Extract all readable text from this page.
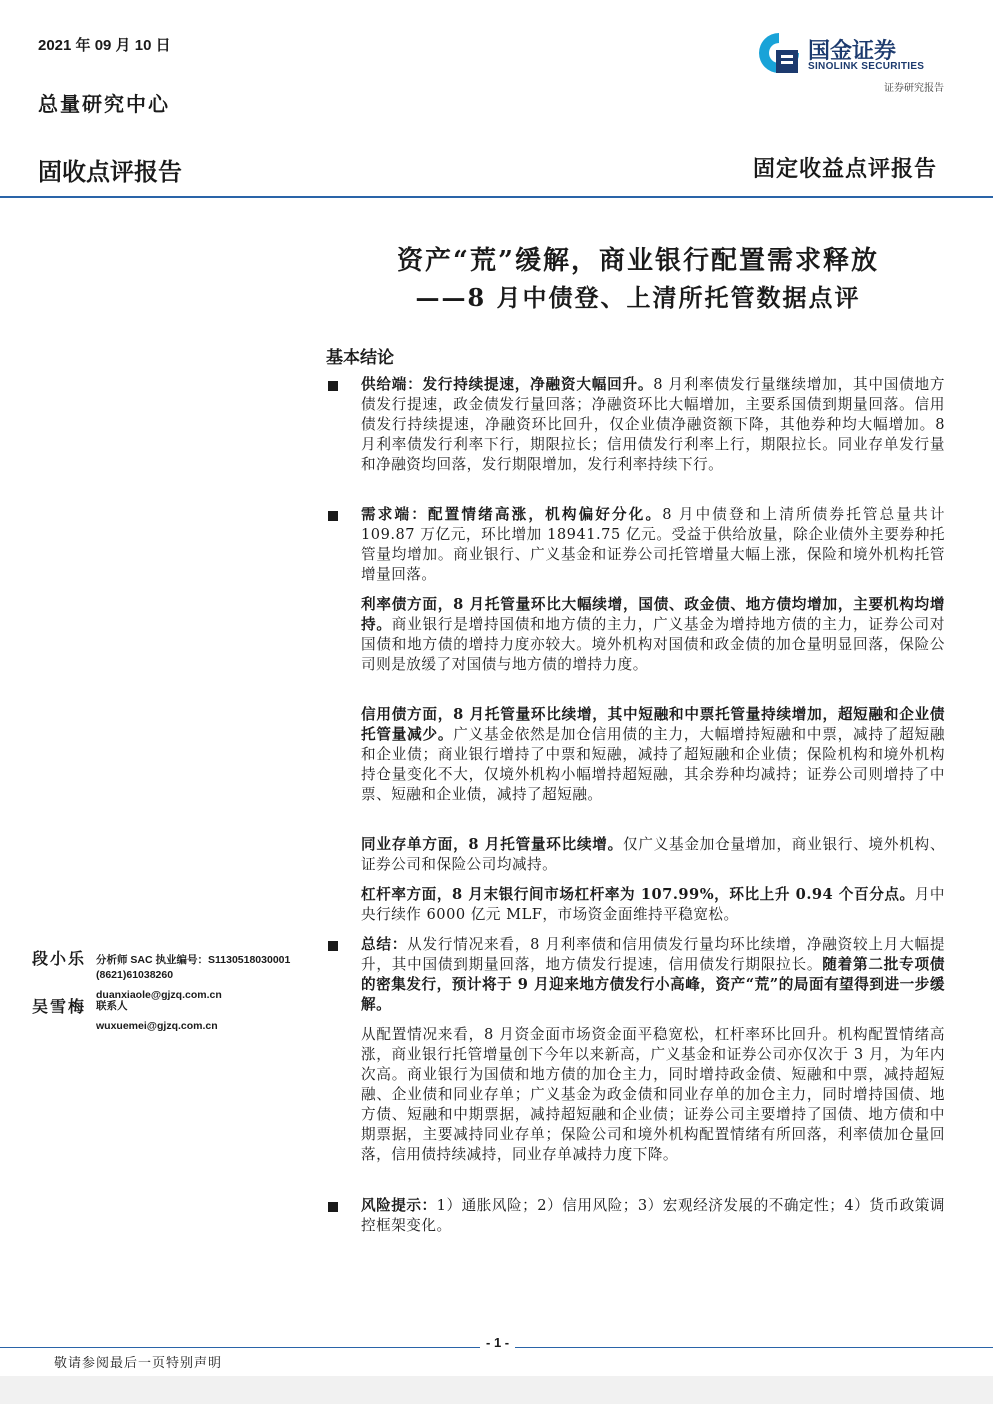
2021 年 09 月 10 日
总量研究中心
固收点评报告	固定收益点评报告
国金证券
SINOLINK SECURITIES
证券研究报告
资产“荒”缓解，商业银行配置需求释放
——8 月中债登、上清所托管数据点评
基本结论
供给端：发行持续提速，净融资大幅回升。8 月利率债发行量继续增加，其中国债地方债发行提速，政金债发行量回落；净融资环比大幅增加，主要系国债到期量回落。信用债发行持续提速，净融资环比回升，仅企业债净融资额下降，其他券种均大幅增加。8 月利率债发行利率下行，期限拉长；信用债发行利率上行，期限拉长。同业存单发行量和净融资均回落，发行期限增加，发行利率持续下行。
需求端：配置情绪高涨，机构偏好分化。8 月中债登和上清所债券托管总量共计 109.87 万亿元，环比增加 18941.75 亿元。受益于供给放量，除企业债外主要券种托管量均增加。商业银行、广义基金和证券公司托管增量大幅上涨，保险和境外机构托管增量回落。
利率债方面，8 月托管量环比大幅续增，国债、政金债、地方债均增加，主要机构均增持。商业银行是增持国债和地方债的主力，广义基金为增持地方债的主力，证券公司对国债和地方债的增持力度亦较大。境外机构对国债和政金债的加仓量明显回落，保险公司则是放缓了对国债与地方债的增持力度。
信用债方面，8 月托管量环比续增，其中短融和中票托管量持续增加，超短融和企业债托管量减少。广义基金依然是加仓信用债的主力，大幅增持短融和中票，减持了超短融和企业债；商业银行增持了中票和短融，减持了超短融和企业债；保险机构和境外机构持仓量变化不大，仅境外机构小幅增持超短融，其余券种均减持；证券公司则增持了中票、短融和企业债，减持了超短融。
同业存单方面，8 月托管量环比续增。仅广义基金加仓量增加，商业银行、境外机构、证券公司和保险公司均减持。
杠杆率方面，8 月末银行间市场杠杆率为 107.99%，环比上升 0.94 个百分点。月中央行续作 6000 亿元 MLF，市场资金面维持平稳宽松。
总结：从发行情况来看，8 月利率债和信用债发行量均环比续增，净融资较上月大幅提升，其中国债到期量回落，地方债发行提速，信用债发行期限拉长。随着第二批专项债的密集发行，预计将于 9 月迎来地方债发行小高峰，资产“荒”的局面有望得到进一步缓解。
从配置情况来看，8 月资金面市场资金面平稳宽松，杠杆率环比回升。机构配置情绪高涨，商业银行托管增量创下今年以来新高，广义基金和证券公司亦仅次于 3 月，为年内次高。商业银行为国债和地方债的加仓主力，同时增持政金债、短融和中票，减持超短融、企业债和同业存单；广义基金为政金债和同业存单的加仓主力，同时增持国债、地方债、短融和中期票据，减持超短融和企业债；证券公司主要增持了国债、地方债和中期票据，主要减持同业存单；保险公司和境外机构配置情绪有所回落，利率债加仓量回落，信用债持续减持，同业存单减持力度下降。
风险提示：1）通胀风险；2）信用风险；3）宏观经济发展的不确定性；4）货币政策调控框架变化。
段小乐 分析师 SAC 执业编号：S1130518030001
(8621)61038260
duanxiaole@gjzq.com.cn
吴雪梅 联系人
wuxuemei@gjzq.com.cn
- 1 -
敬请参阅最后一页特别声明
